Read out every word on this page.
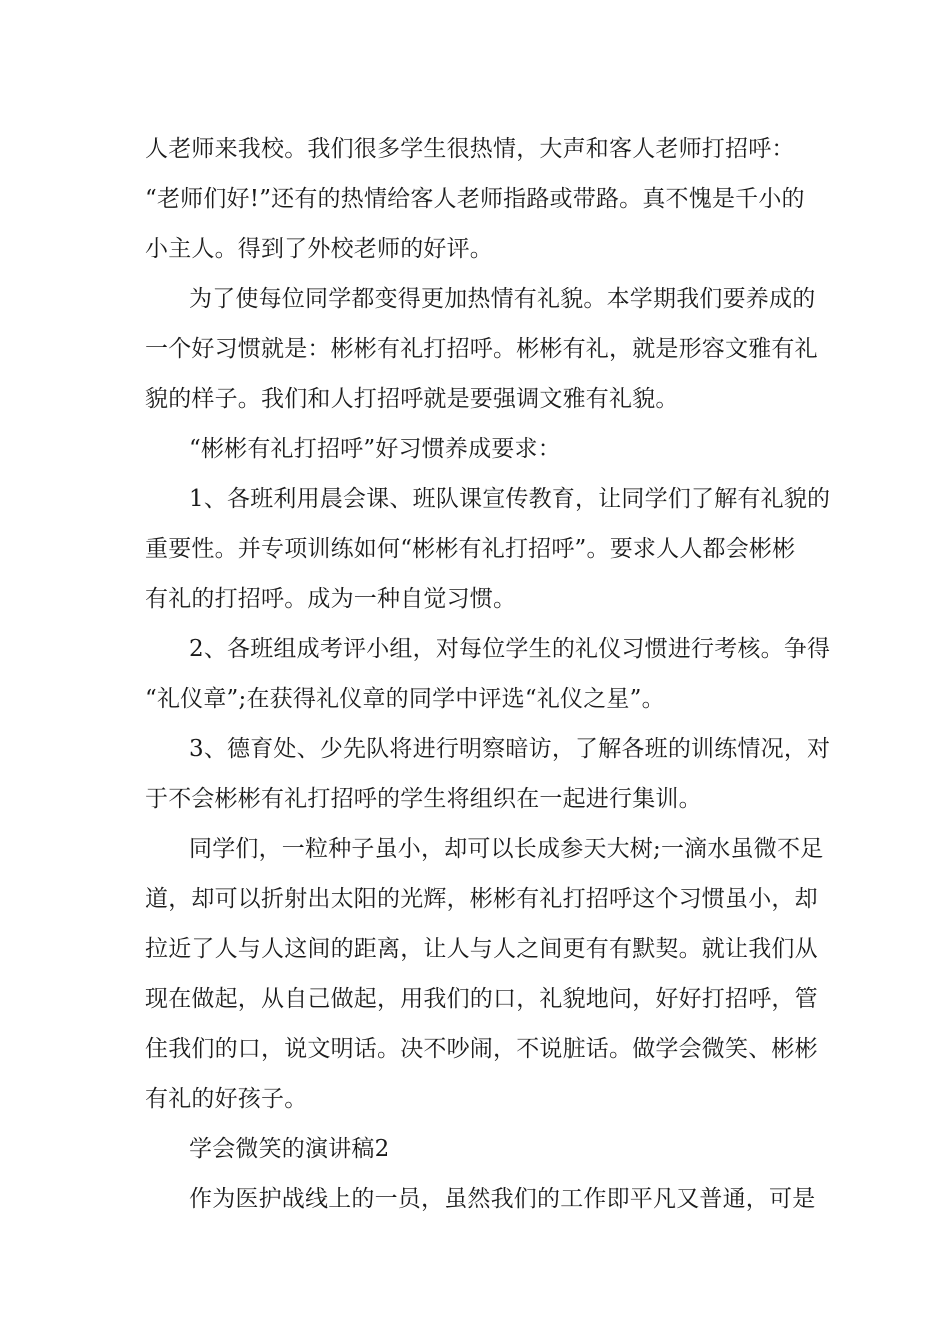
人老师来我校。我们很多学生很热情，大声和客人老师打招呼：
“老师们好!”还有的热情给客人老师指路或带路。真不愧是千小的
小主人。得到了外校老师的好评。
为了使每位同学都变得更加热情有礼貌。本学期我们要养成的
一个好习惯就是：彬彬有礼打招呼。彬彬有礼，就是形容文雅有礼
貌的样子。我们和人打招呼就是要强调文雅有礼貌。
“彬彬有礼打招呼”好习惯养成要求：
1、各班利用晨会课、班队课宣传教育，让同学们了解有礼貌的
重要性。并专项训练如何“彬彬有礼打招呼”。要求人人都会彬彬
有礼的打招呼。成为一种自觉习惯。
2、各班组成考评小组，对每位学生的礼仪习惯进行考核。争得
“礼仪章”;在获得礼仪章的同学中评选“礼仪之星”。
3、德育处、少先队将进行明察暗访，了解各班的训练情况，对
于不会彬彬有礼打招呼的学生将组织在一起进行集训。
同学们，一粒种子虽小，却可以长成参天大树;一滴水虽微不足
道，却可以折射出太阳的光辉，彬彬有礼打招呼这个习惯虽小，却
拉近了人与人这间的距离，让人与人之间更有有默契。就让我们从
现在做起，从自己做起，用我们的口，礼貌地问，好好打招呼，管
住我们的口，说文明话。决不吵闹，不说脏话。做学会微笑、彬彬
有礼的好孩子。
学会微笑的演讲稿2
作为医护战线上的一员，虽然我们的工作即平凡又普通，可是
